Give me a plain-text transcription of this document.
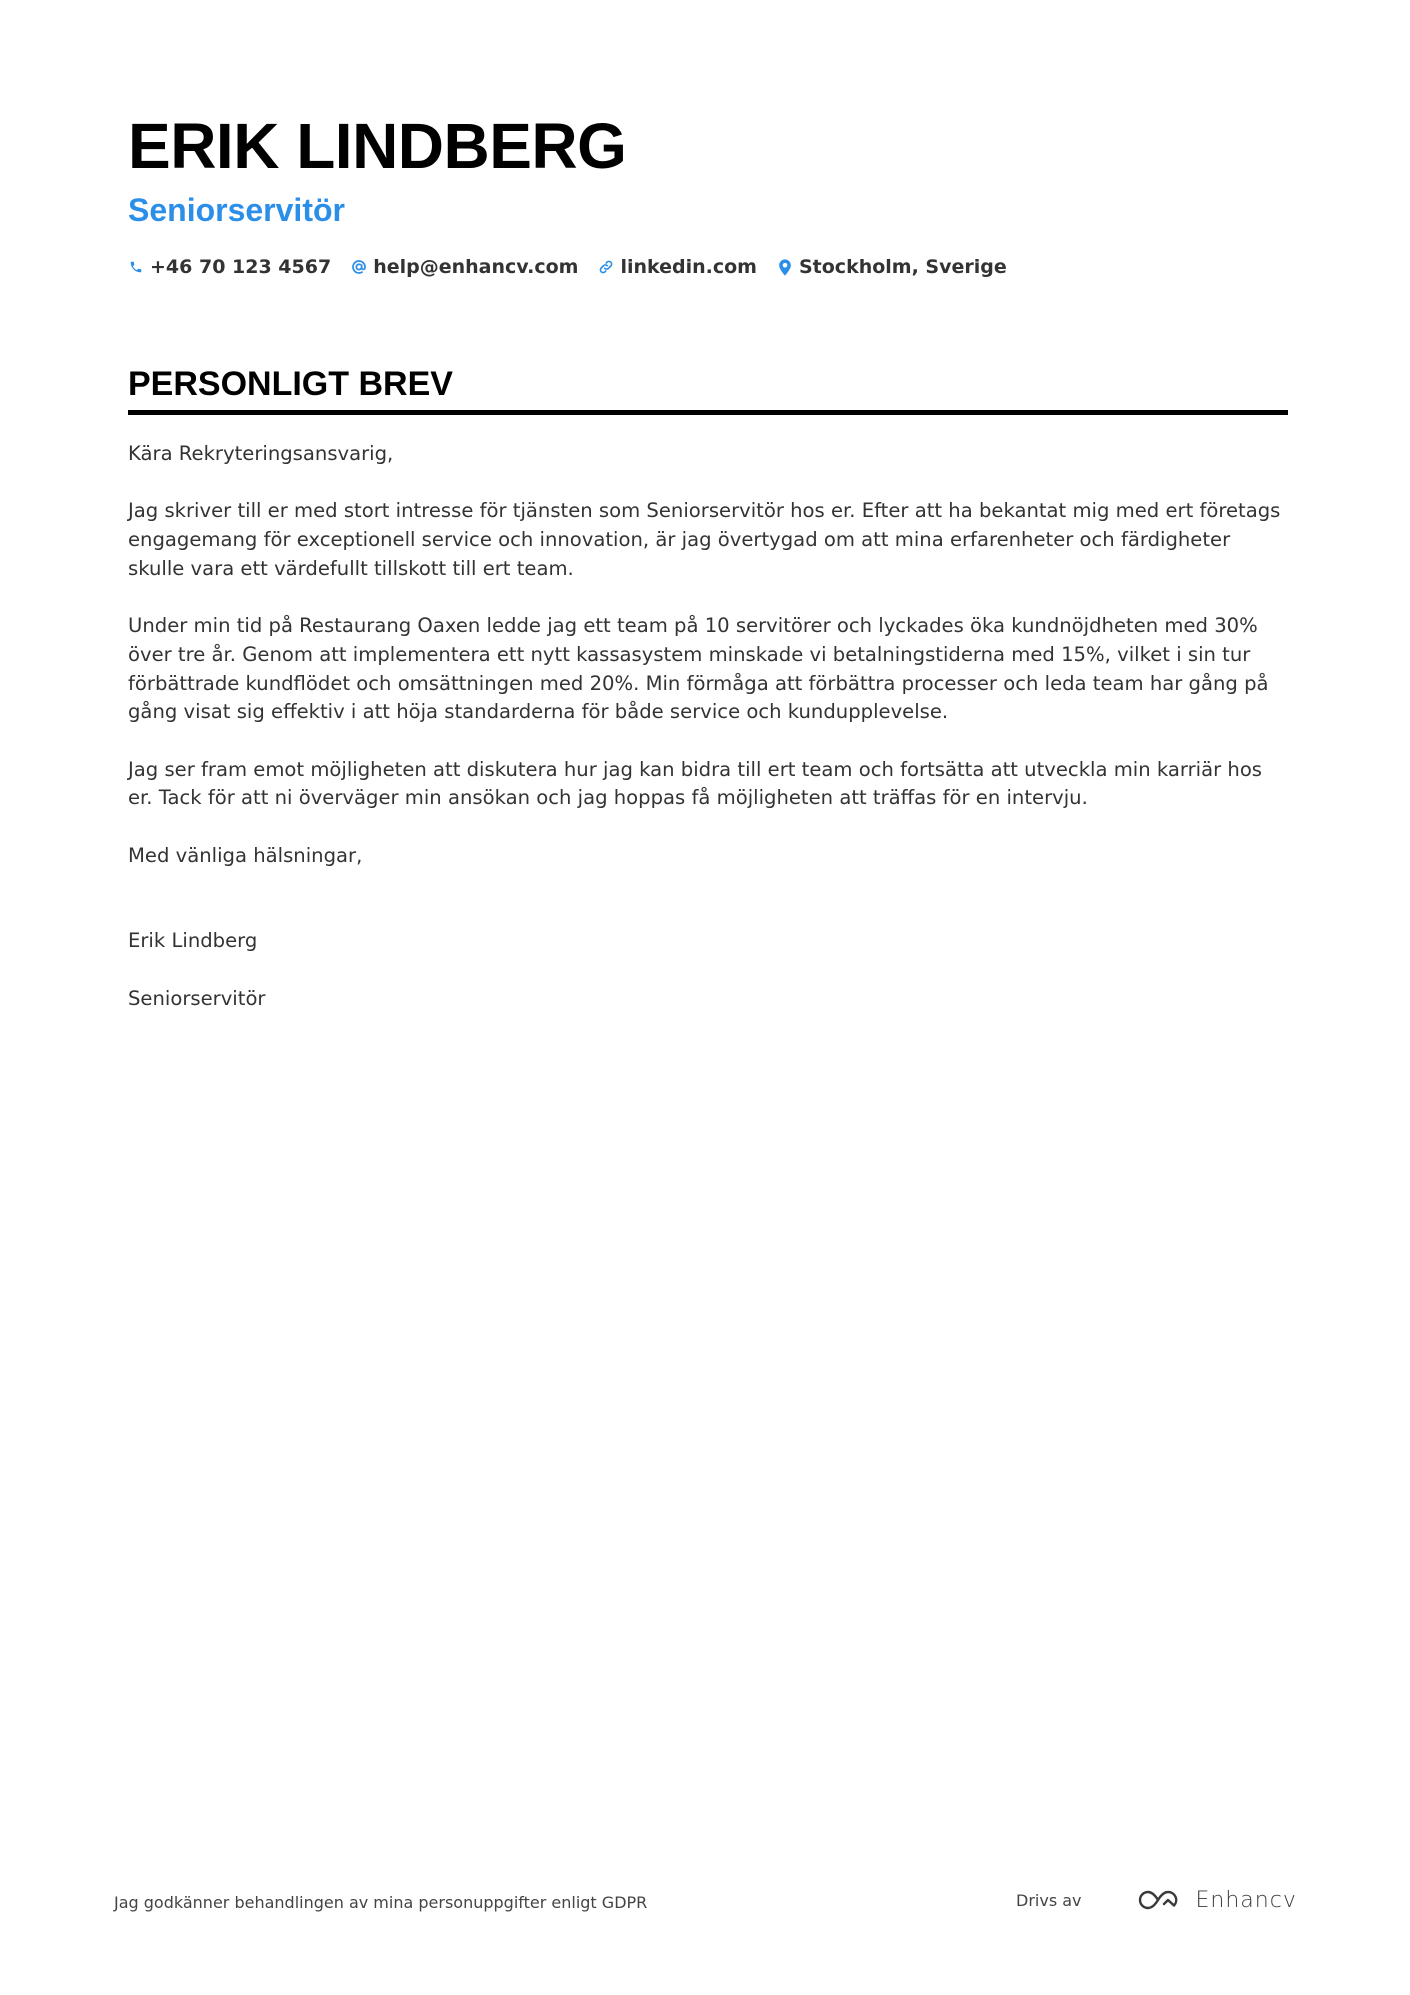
ERIK LINDBERG
Seniorservitör
+46 70 123 4567 help@enhancv.com linkedin.com Stockholm, Sverige
PERSONLIGT BREV

Kära Rekryteringsansvarig,

Jag skriver till er med stort intresse för tjänsten som Seniorservitör hos er. Efter att ha bekantat mig med ert företags engagemang för exceptionell service och innovation, är jag övertygad om att mina erfarenheter och färdigheter skulle vara ett värdefullt tillskott till ert team.

Under min tid på Restaurang Oaxen ledde jag ett team på 10 servitörer och lyckades öka kundnöjdheten med 30% över tre år. Genom att implementera ett nytt kassasystem minskade vi betalningstiderna med 15%, vilket i sin tur förbättrade kundflödet och omsättningen med 20%. Min förmåga att förbättra processer och leda team har gång på gång visat sig effektiv i att höja standarderna för både service och kundupplevelse.

Jag ser fram emot möjligheten att diskutera hur jag kan bidra till ert team och fortsätta att utveckla min karriär hos er. Tack för att ni överväger min ansökan och jag hoppas få möjligheten att träffas för en intervju.

Med vänliga hälsningar,

Erik Lindberg

Seniorservitör

Jag godkänner behandlingen av mina personuppgifter enligt GDPR	Drivs av	Enhancv
